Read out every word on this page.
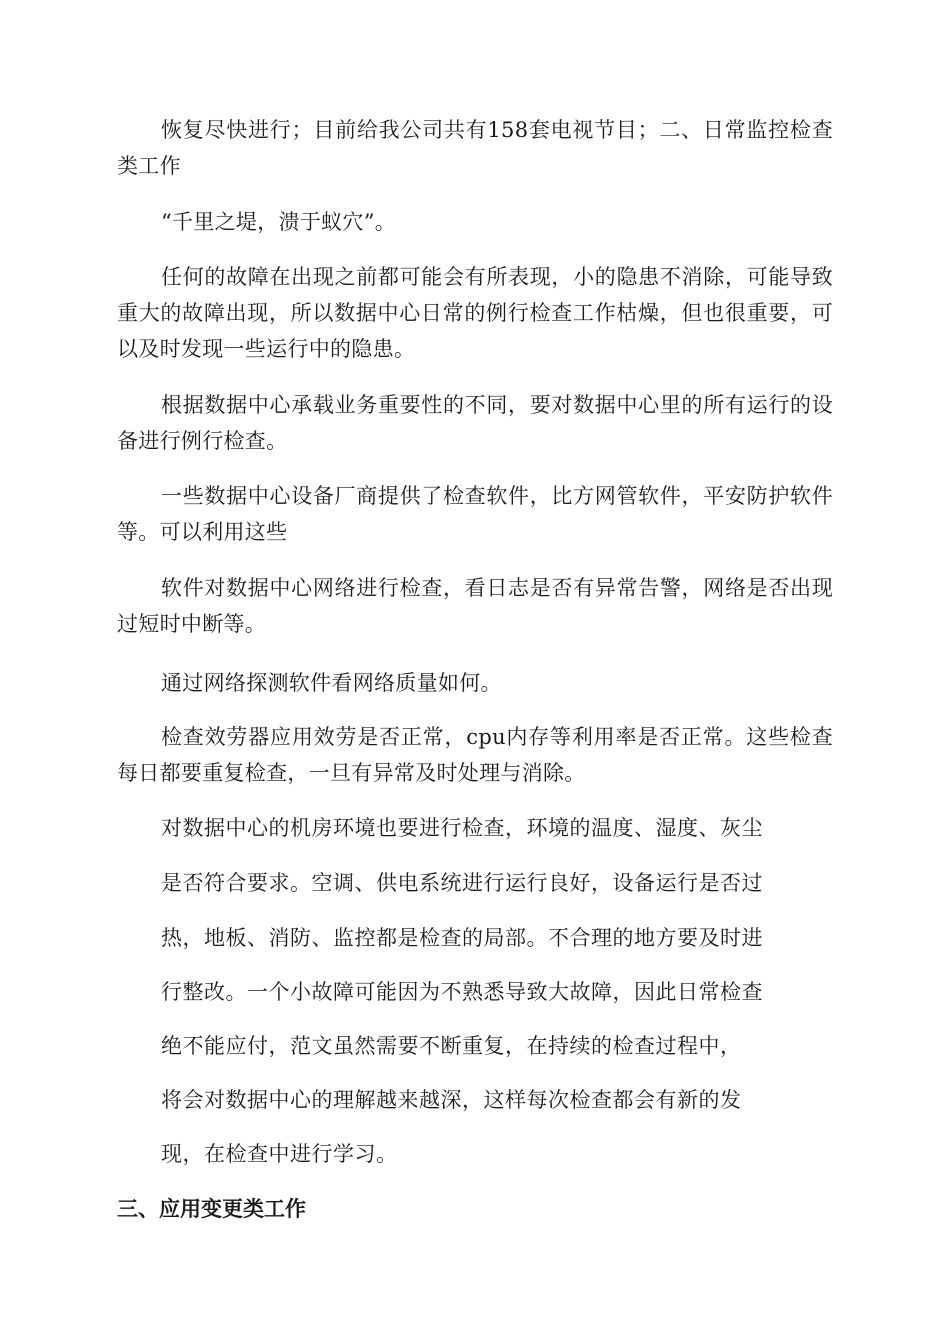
恢复尽快进行；目前给我公司共有158套电视节目；二、日常监控检查类工作

“千里之堤，溃于蚁穴”。

任何的故障在出现之前都可能会有所表现，小的隐患不消除，可能导致重大的故障出现，所以数据中心日常的例行检查工作枯燥，但也很重要，可以及时发现一些运行中的隐患。

根据数据中心承载业务重要性的不同，要对数据中心里的所有运行的设备进行例行检查。

一些数据中心设备厂商提供了检查软件，比方网管软件，平安防护软件等。可以利用这些

软件对数据中心网络进行检查，看日志是否有异常告警，网络是否出现过短时中断等。

通过网络探测软件看网络质量如何。

检查效劳器应用效劳是否正常，cpu内存等利用率是否正常。这些检查每日都要重复检查，一旦有异常及时处理与消除。

对数据中心的机房环境也要进行检查，环境的温度、湿度、灰尘

是否符合要求。空调、供电系统进行运行良好，设备运行是否过

热，地板、消防、监控都是检查的局部。不合理的地方要及时进

行整改。一个小故障可能因为不熟悉导致大故障，因此日常检查

绝不能应付，范文虽然需要不断重复，在持续的检查过程中，

将会对数据中心的理解越来越深，这样每次检查都会有新的发

现，在检查中进行学习。

三、应用变更类工作
